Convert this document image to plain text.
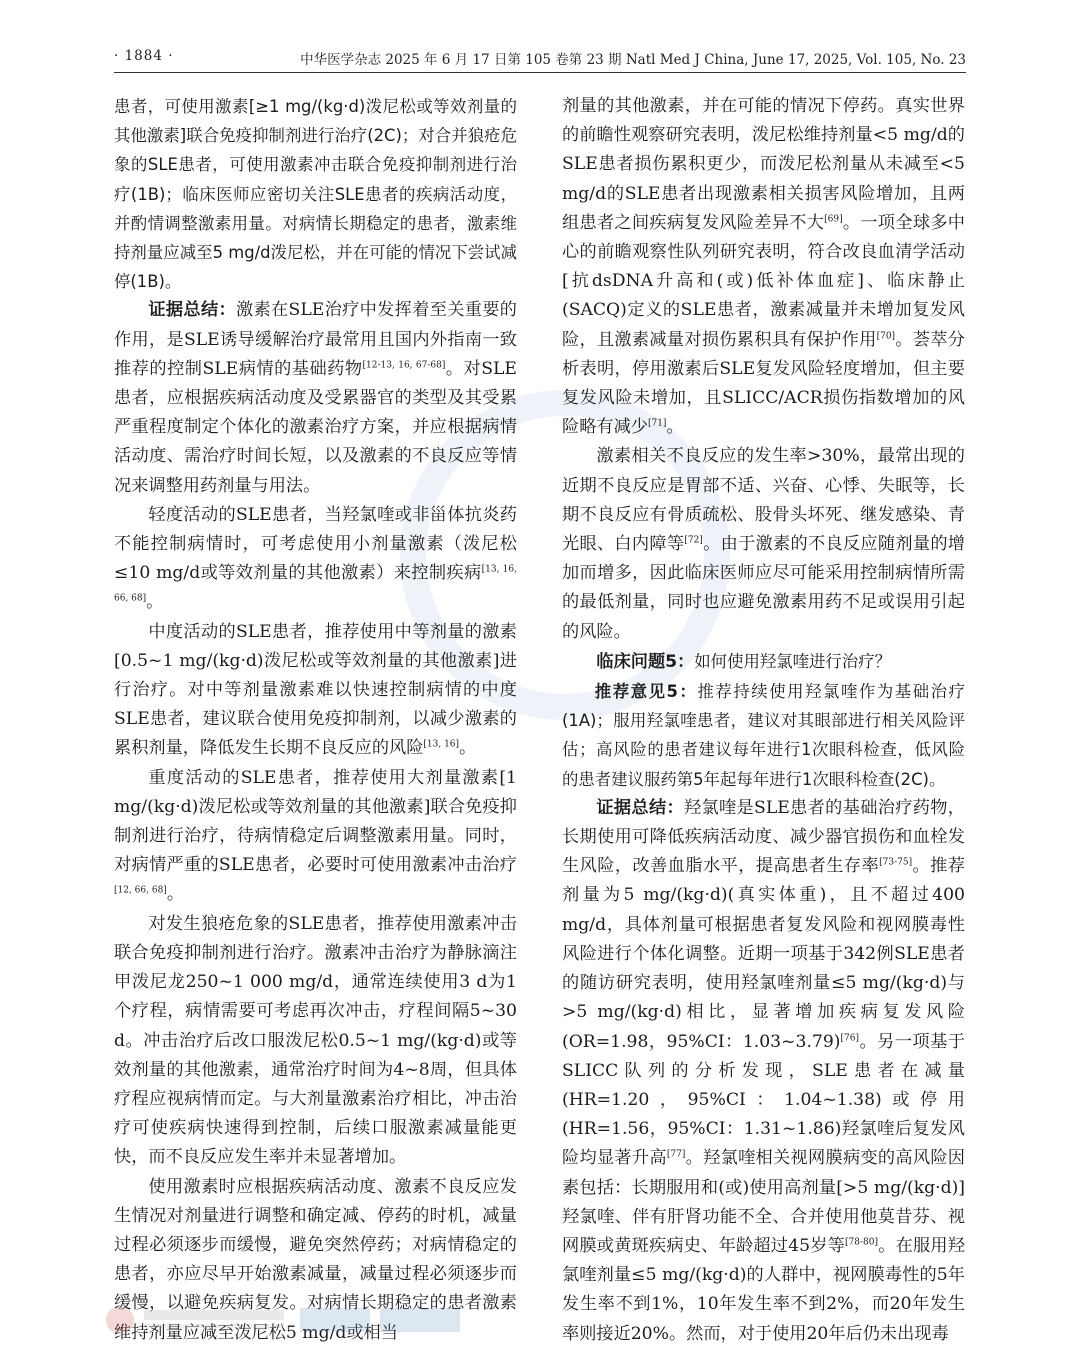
· 1884 ·	中华医学杂志 2025 年 6 月 17 日第 105 卷第 23 期 Natl Med J China, June 17, 2025, Vol. 105, No. 23

患者，可使用激素[≥1 mg/(kg·d)泼尼松或等效剂量的其他激素]联合免疫抑制剂进行治疗(2C)；对合并狼疮危象的SLE患者，可使用激素冲击联合免疫抑制剂进行治疗(1B)；临床医师应密切关注SLE患者的疾病活动度，并酌情调整激素用量。对病情长期稳定的患者，激素维持剂量应减至5 mg/d泼尼松，并在可能的情况下尝试减停(1B)。

证据总结：激素在SLE治疗中发挥着至关重要的作用，是SLE诱导缓解治疗最常用且国内外指南一致推荐的控制SLE病情的基础药物[12-13, 16, 67-68]。对SLE患者，应根据疾病活动度及受累器官的类型及其受累严重程度制定个体化的激素治疗方案，并应根据病情活动度、需治疗时间长短，以及激素的不良反应等情况来调整用药剂量与用法。

轻度活动的SLE患者，当羟氯喹或非甾体抗炎药不能控制病情时，可考虑使用小剂量激素（泼尼松≤10 mg/d或等效剂量的其他激素）来控制疾病[13, 16, 66, 68]。

中度活动的SLE患者，推荐使用中等剂量的激素[0.5~1 mg/(kg·d)泼尼松或等效剂量的其他激素]进行治疗。对中等剂量激素难以快速控制病情的中度SLE患者，建议联合使用免疫抑制剂，以减少激素的累积剂量，降低发生长期不良反应的风险[13, 16]。

重度活动的SLE患者，推荐使用大剂量激素[1 mg/(kg·d)泼尼松或等效剂量的其他激素]联合免疫抑制剂进行治疗，待病情稳定后调整激素用量。同时，对病情严重的SLE患者，必要时可使用激素冲击治疗[12, 66, 68]。

对发生狼疮危象的SLE患者，推荐使用激素冲击联合免疫抑制剂进行治疗。激素冲击治疗为静脉滴注甲泼尼龙250~1 000 mg/d，通常连续使用3 d为1个疗程，病情需要可考虑再次冲击，疗程间隔5~30 d。冲击治疗后改口服泼尼松0.5~1 mg/(kg·d)或等效剂量的其他激素，通常治疗时间为4~8周，但具体疗程应视病情而定。与大剂量激素治疗相比，冲击治疗可使疾病快速得到控制，后续口服激素减量能更快，而不良反应发生率并未显著增加。

使用激素时应根据疾病活动度、激素不良反应发生情况对剂量进行调整和确定减、停药的时机，减量过程必须逐步而缓慢，避免突然停药；对病情稳定的患者，亦应尽早开始激素减量，减量过程必须逐步而缓慢，以避免疾病复发。对病情长期稳定的患者激素维持剂量应减至泼尼松5 mg/d或相当

剂量的其他激素，并在可能的情况下停药。真实世界的前瞻性观察研究表明，泼尼松维持剂量<5 mg/d的SLE患者损伤累积更少，而泼尼松剂量从未减至<5 mg/d的SLE患者出现激素相关损害风险增加，且两组患者之间疾病复发风险差异不大[69]。一项全球多中心的前瞻观察性队列研究表明，符合改良血清学活动[抗dsDNA升高和(或)低补体血症]、临床静止(SACQ)定义的SLE患者，激素减量并未增加复发风险，且激素减量对损伤累积具有保护作用[70]。荟萃分析表明，停用激素后SLE复发风险轻度增加，但主要复发风险未增加，且SLICC/ACR损伤指数增加的风险略有减少[71]。

激素相关不良反应的发生率>30%，最常出现的近期不良反应是胃部不适、兴奋、心悸、失眠等，长期不良反应有骨质疏松、股骨头坏死、继发感染、青光眼、白内障等[72]。由于激素的不良反应随剂量的增加而增多，因此临床医师应尽可能采用控制病情所需的最低剂量，同时也应避免激素用药不足或误用引起的风险。

临床问题5：如何使用羟氯喹进行治疗？

推荐意见5：推荐持续使用羟氯喹作为基础治疗(1A)；服用羟氯喹患者，建议对其眼部进行相关风险评估；高风险的患者建议每年进行1次眼科检查，低风险的患者建议服药第5年起每年进行1次眼科检查(2C)。

证据总结：羟氯喹是SLE患者的基础治疗药物，长期使用可降低疾病活动度、减少器官损伤和血栓发生风险，改善血脂水平，提高患者生存率[73-75]。推荐剂量为5 mg/(kg·d)(真实体重)，且不超过400 mg/d，具体剂量可根据患者复发风险和视网膜毒性风险进行个体化调整。近期一项基于342例SLE患者的随访研究表明，使用羟氯喹剂量≤5 mg/(kg·d)与>5 mg/(kg·d)相比，显著增加疾病复发风险(OR=1.98，95%CI：1.03~3.79)[76]。另一项基于SLICC队列的分析发现，SLE患者在减量(HR=1.20，95%CI：1.04~1.38)或停用(HR=1.56，95%CI：1.31~1.86)羟氯喹后复发风险均显著升高[77]。羟氯喹相关视网膜病变的高风险因素包括：长期服用和(或)使用高剂量[>5 mg/(kg·d)]羟氯喹、伴有肝肾功能不全、合并使用他莫昔芬、视网膜或黄斑疾病史、年龄超过45岁等[78-80]。在服用羟氯喹剂量≤5 mg/(kg·d)的人群中，视网膜毒性的5年发生率不到1%，10年发生率不到2%，而20年发生率则接近20%。然而，对于使用20年后仍未出现毒
